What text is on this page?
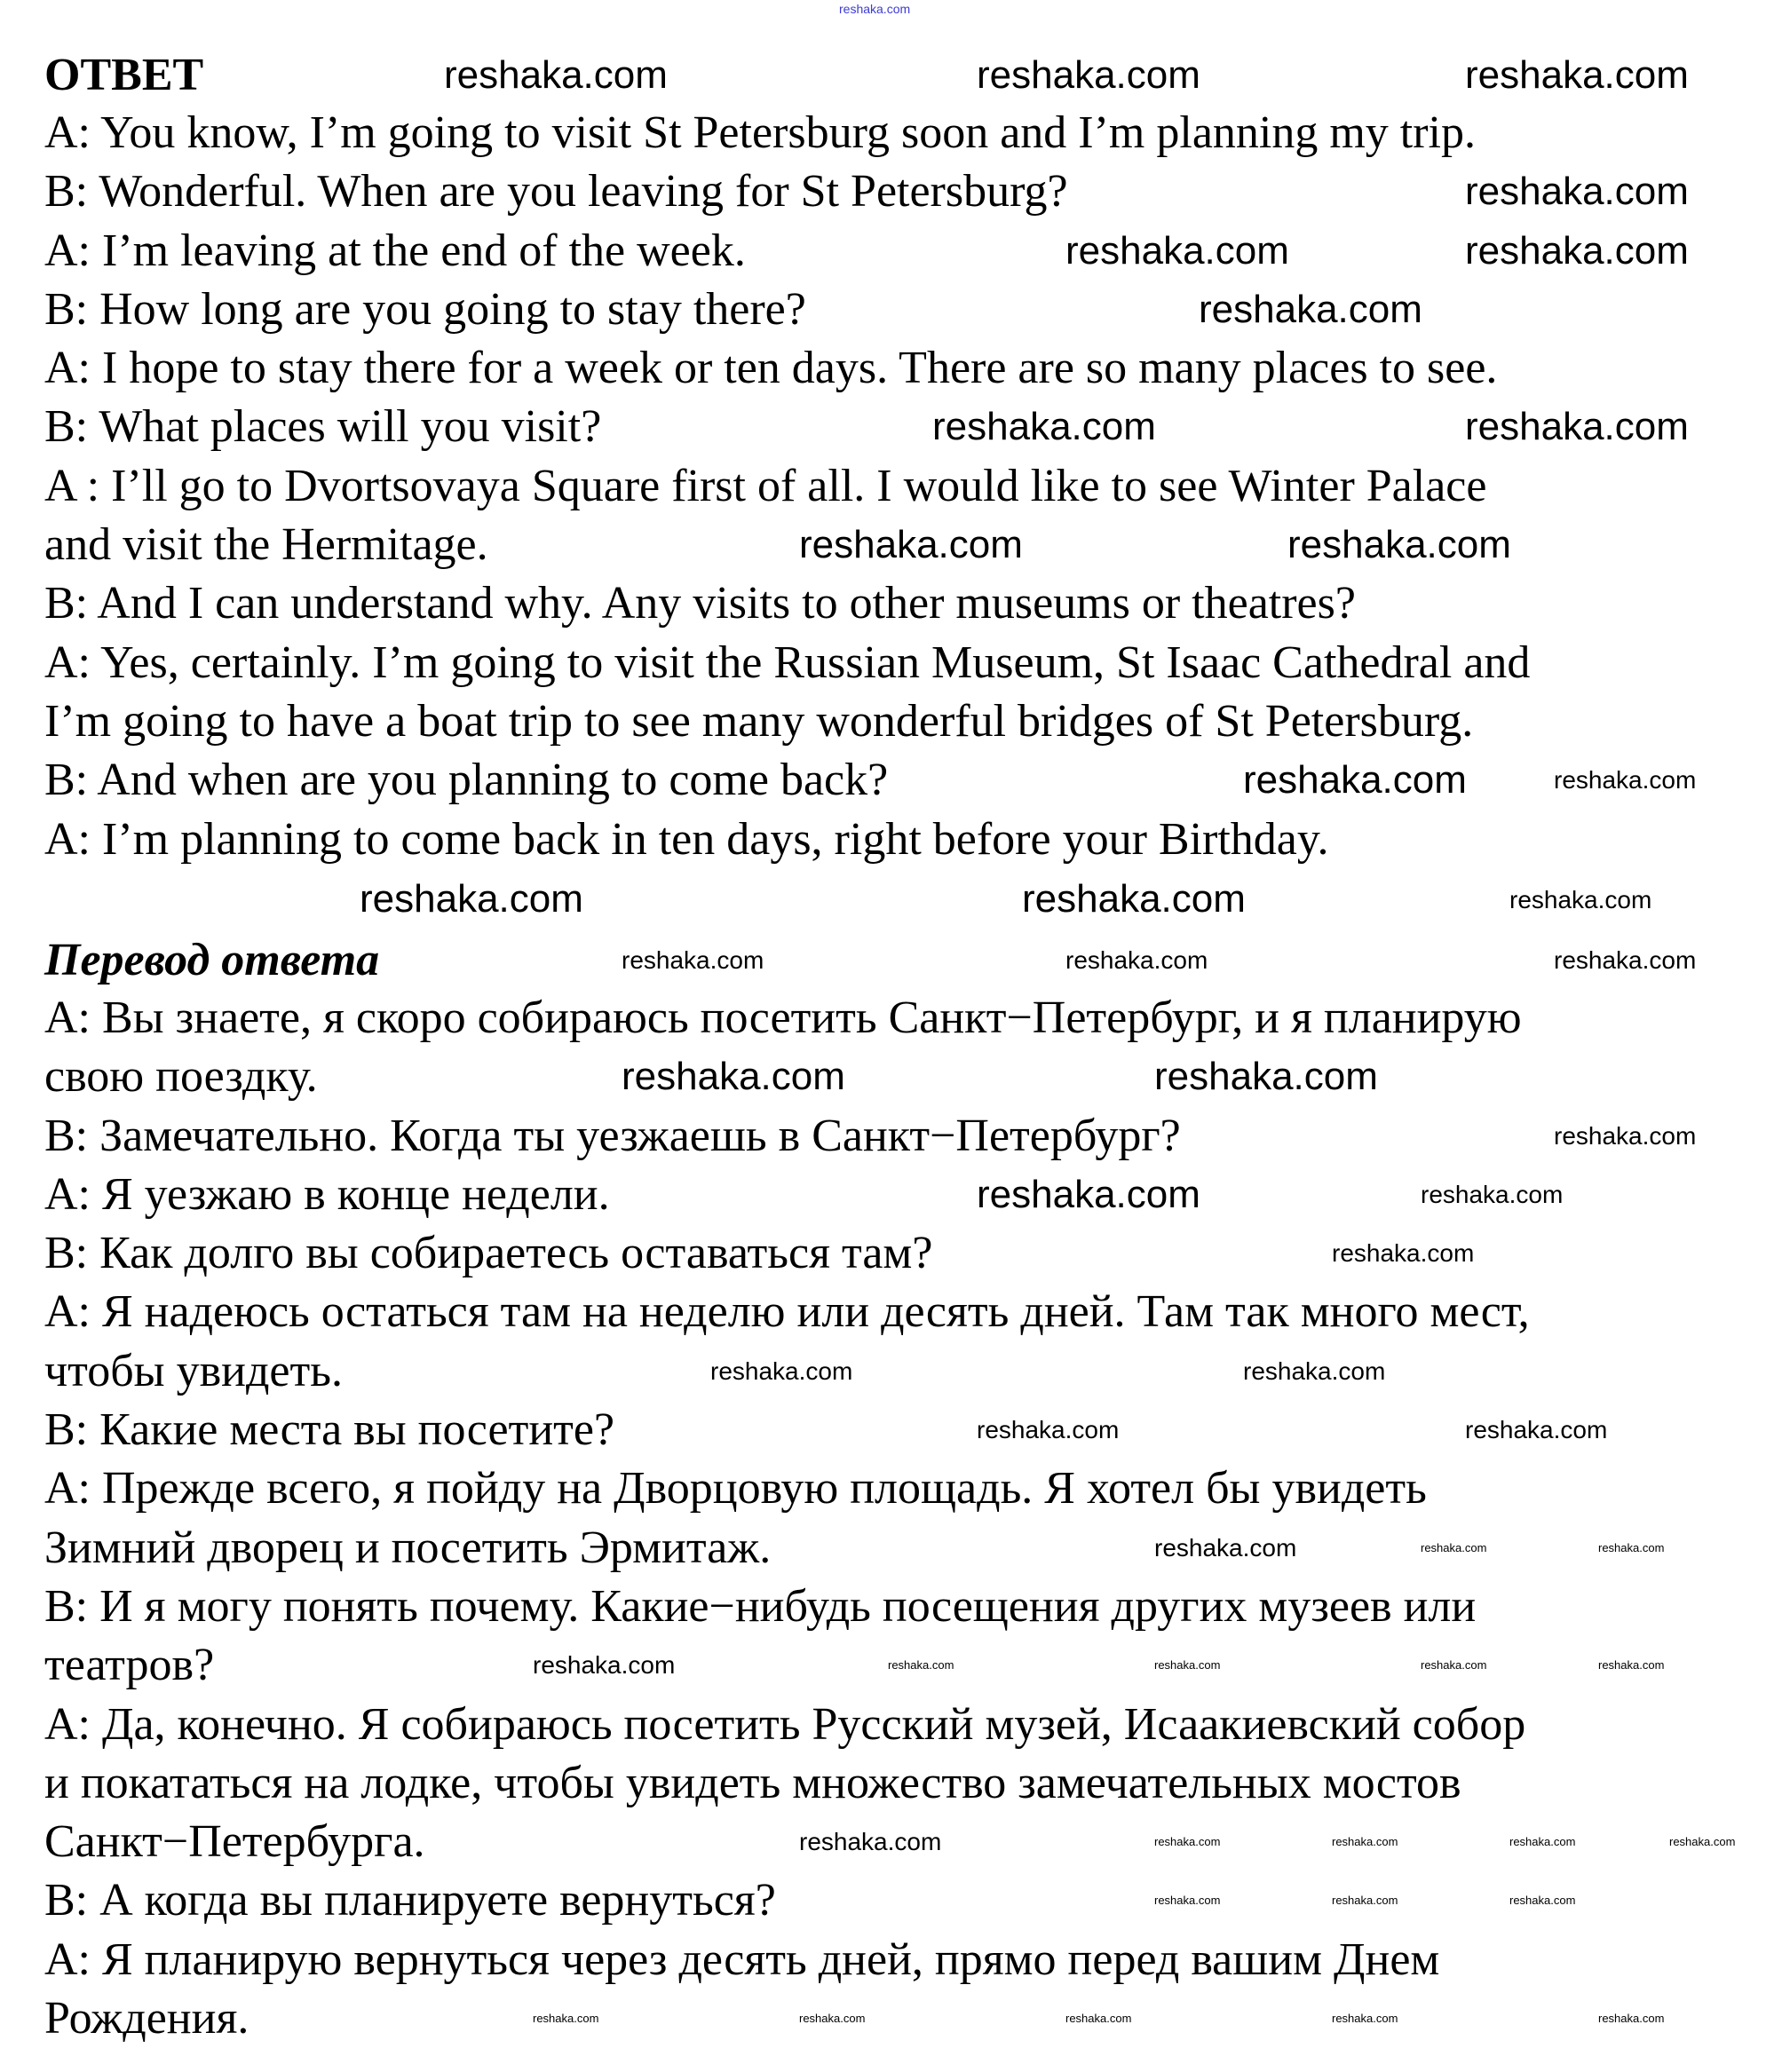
reshaka.com
ОТВЕТ
A: You know, I’m going to visit St Petersburg soon and I’m planning my trip.
B: Wonderful. When are you leaving for St Petersburg?
A: I’m leaving at the end of the week.
B: How long are you going to stay there?
A: I hope to stay there for a week or ten days. There are so many places to see.
B: What places will you visit?
A : I’ll go to Dvortsovaya Square first of all. I would like to see Winter Palace
and visit the Hermitage.
B: And I can understand why. Any visits to other museums or theatres?
A: Yes, certainly. I’m going to visit the Russian Museum, St Isaac Cathedral and
I’m going to have a boat trip to see many wonderful bridges of St Petersburg.
B: And when are you planning to come back?
A: I’m planning to come back in ten days, right before your Birthday.
Перевод ответа
A: Вы знаете, я скоро собираюсь посетить Санкт−Петербург, и я планирую
свою поездку.
B: Замечательно. Когда ты уезжаешь в Санкт−Петербург?
A: Я уезжаю в конце недели.
B: Как долго вы собираетесь оставаться там?
A: Я надеюсь остаться там на неделю или десять дней. Там так много мест,
чтобы увидеть.
B: Какие места вы посетите?
A: Прежде всего, я пойду на Дворцовую площадь. Я хотел бы увидеть
Зимний дворец и посетить Эрмитаж.
B: И я могу понять почему. Какие−нибудь посещения других музеев или
театров?
A: Да, конечно. Я собираюсь посетить Русский музей, Исаакиевский собор
и покататься на лодке, чтобы увидеть множество замечательных мостов
Санкт−Петербурга.
B: А когда вы планируете вернуться?
A: Я планирую вернуться через десять дней, прямо перед вашим Днем
Рождения.
reshaka.com	reshaka.com	reshaka.com
reshaka.com
reshaka.com	reshaka.com
reshaka.com
reshaka.com	reshaka.com
reshaka.com	reshaka.com
reshaka.com
reshaka.com	reshaka.com
reshaka.com	reshaka.com
reshaka.com
reshaka.com
reshaka.com
reshaka.com	reshaka.com	reshaka.com
reshaka.com
reshaka.com
reshaka.com
reshaka.com	reshaka.com
reshaka.com	reshaka.com
reshaka.com
reshaka.com
reshaka.com
reshaka.com	reshaka.com
reshaka.com	reshaka.com	reshaka.com	reshaka.com
reshaka.com	reshaka.com	reshaka.com	reshaka.com
reshaka.com	reshaka.com	reshaka.com
reshaka.com	reshaka.com	reshaka.com	reshaka.com	reshaka.com
